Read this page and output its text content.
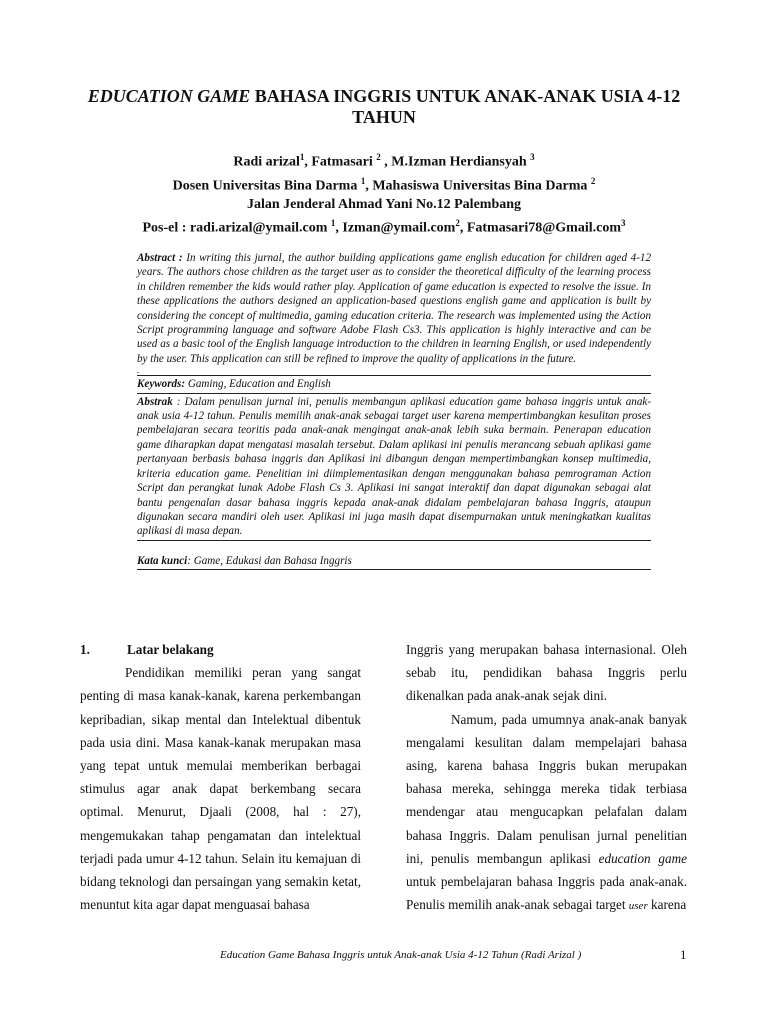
EDUCATION GAME BAHASA INGGRIS UNTUK ANAK-ANAK USIA 4-12 TAHUN
Radi arizal$^1$, Fatmasari $^2$ , M.Izman Herdiansyah $^3$
Dosen Universitas Bina Darma $^1$, Mahasiswa Universitas Bina Darma $^2$
Jalan Jenderal Ahmad Yani No.12 Palembang
Pos-el : radi.arizal@ymail.com $^1$, Izman@ymail.com$^2$, Fatmasari78@Gmail.com$^3$

Abstract : In writing this jurnal, the author building applications game english education for children aged 4-12 years. The authors chose children as the target user as to consider the theoretical difficulty of the learning process in children remember the kids would rather play. Application of game education is expected to resolve the issue. In these applications the authors designed an application-based questions english game and application is built by considering the concept of multimedia, gaming education criteria. The research was implemented using the Action Script programming language and software Adobe Flash Cs3. This application is highly interactive and can be used as a basic tool of the English language introduction to the children in learning English, or used independently by the user. This application can still be refined to improve the quality of applications in the future.

.

Keywords: Gaming, Education and English

Abstrak : Dalam penulisan jurnal ini, penulis membangun aplikasi education game bahasa inggris untuk anak-anak usia 4-12 tahun. Penulis memilih anak-anak sebagai target user karena mempertimbangkan kesulitan proses pembelajaran secara teoritis pada anak-anak mengingat anak-anak lebih suka bermain. Penerapan education game diharapkan dapat mengatasi masalah tersebut. Dalam aplikasi ini penulis merancang sebuah aplikasi game pertanyaan berbasis bahasa inggris dan Aplikasi ini dibangun dengan mempertimbangkan konsep multimedia, kriteria education game. Penelitian ini diimplementasikan dengan menggunakan bahasa pemrograman Action Script dan perangkat lunak Adobe Flash Cs 3. Aplikasi ini sangat interaktif dan dapat digunakan sebagai alat bantu pengenalan dasar bahasa inggris kepada anak-anak didalam pembelajaran bahasa Inggris, ataupun digunakan secara mandiri oleh user. Aplikasi ini juga masih dapat disempurnakan untuk meningkatkan kualitas aplikasi di masa depan.

Kata kunci: Game, Edukasi dan Bahasa Inggris

1.	Latar belakang

Pendidikan memiliki peran yang sangat penting di masa kanak-kanak, karena perkembangan kepribadian, sikap mental dan Intelektual dibentuk pada usia dini. Masa kanak-kanak merupakan masa yang tepat untuk memulai memberikan berbagai stimulus agar anak dapat berkembang secara optimal. Menurut, Djaali (2008, hal : 27), mengemukakan tahap pengamatan dan intelektual terjadi pada umur 4-12 tahun. Selain itu kemajuan di bidang teknologi dan persaingan yang semakin ketat, menuntut kita agar dapat menguasai bahasa

Inggris yang merupakan bahasa internasional. Oleh sebab itu, pendidikan bahasa Inggris perlu dikenalkan pada anak-anak sejak dini.

Namum, pada umumnya anak-anak banyak mengalami kesulitan dalam mempelajari bahasa asing, karena bahasa Inggris bukan merupakan bahasa mereka, sehingga mereka tidak terbiasa mendengar atau mengucapkan pelafalan dalam bahasa Inggris. Dalam penulisan jurnal penelitian ini, penulis membangun aplikasi education game untuk pembelajaran bahasa Inggris pada anak-anak. Penulis memilih anak-anak sebagai target user karena

Education Game Bahasa Inggris untuk Anak-anak Usia 4-12 Tahun (Radi Arizal )	1
